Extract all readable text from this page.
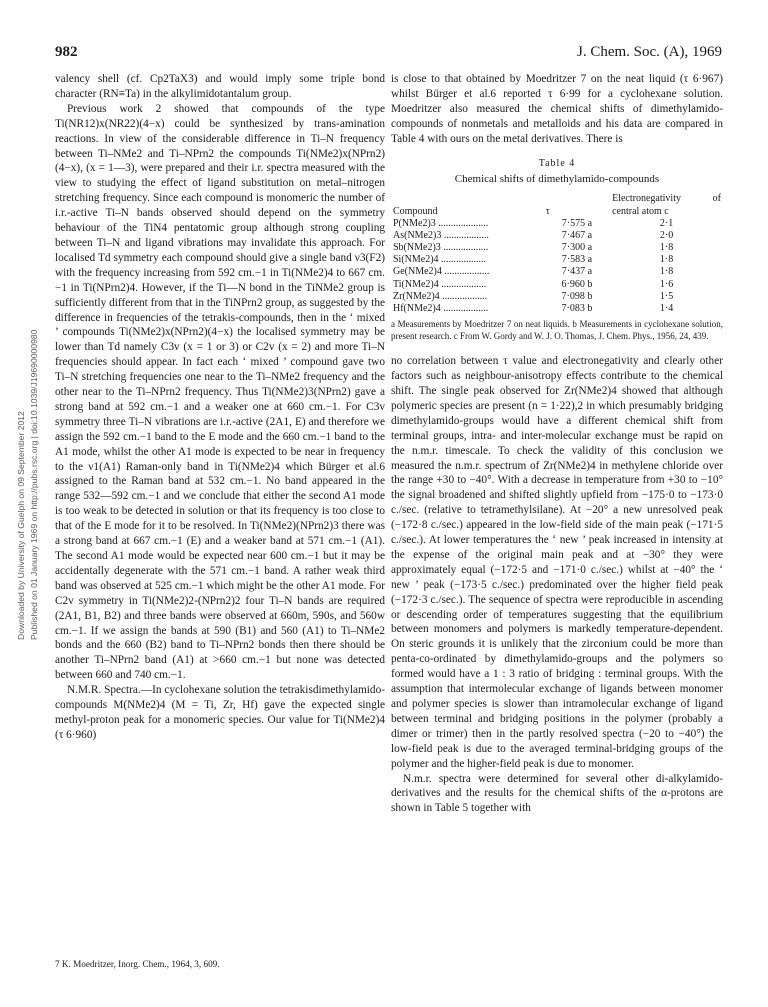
982	J. Chem. Soc. (A), 1969
Downloaded by University of Guelph on 09 September 2012 Published on 01 January 1969 on http://pubs.rsc.org | doi:10.1039/J19690000980

valency shell (cf. Cp2TaX3) and would imply some triple bond character (RN≡Ta) in the alkylimidotantalum group.

Previous work 2 showed that compounds of the type Ti(NR12)x(NR22)(4−x) could be synthesized by trans-amination reactions. In view of the considerable difference in Ti–N frequency between Ti–NMe2 and Ti–NPrn2 the compounds Ti(NMe2)x(NPrn2)(4−x), (x = 1—3), were prepared and their i.r. spectra measured with the view to studying the effect of ligand substitution on metal–nitrogen stretching frequency. Since each compound is monomeric the number of i.r.-active Ti–N bands observed should depend on the symmetry behaviour of the TiN4 pentatomic group although strong coupling between Ti–N and ligand vibrations may invalidate this approach. For localised Td symmetry each compound should give a single band ν3(F2) with the frequency increasing from 592 cm.−1 in Ti(NMe2)4 to 667 cm.−1 in Ti(NPrn2)4. However, if the Ti—N bond in the TiNMe2 group is sufficiently different from that in the TiNPrn2 group, as suggested by the difference in frequencies of the tetrakis-compounds, then in the ‘ mixed ’ compounds Ti(NMe2)x(NPrn2)(4−x) the localised symmetry may be lower than Td namely C3v (x = 1 or 3) or C2v (x = 2) and more Ti–N frequencies should appear. In fact each ‘ mixed ’ compound gave two Ti–N stretching frequencies one near to the Ti–NMe2 frequency and the other near to the Ti–NPrn2 frequency. Thus Ti(NMe2)3(NPrn2) gave a strong band at 592 cm.−1 and a weaker one at 660 cm.−1. For C3v symmetry three Ti–N vibrations are i.r.-active (2A1, E) and therefore we assign the 592 cm.−1 band to the E mode and the 660 cm.−1 band to the A1 mode, whilst the other A1 mode is expected to be near in frequency to the ν1(A1) Raman-only band in Ti(NMe2)4 which Bürger et al.6 assigned to the Raman band at 532 cm.−1. No band appeared in the range 532—592 cm.−1 and we conclude that either the second A1 mode is too weak to be detected in solution or that its frequency is too close to that of the E mode for it to be resolved. In Ti(NMe2)(NPrn2)3 there was a strong band at 667 cm.−1 (E) and a weaker band at 571 cm.−1 (A1). The second A1 mode would be expected near 600 cm.−1 but it may be accidentally degenerate with the 571 cm.−1 band. A rather weak third band was observed at 525 cm.−1 which might be the other A1 mode. For C2v symmetry in Ti(NMe2)2-(NPrn2)2 four Ti–N bands are required (2A1, B1, B2) and three bands were observed at 660m, 590s, and 560w cm.−1. If we assign the bands at 590 (B1) and 560 (A1) to Ti–NMe2 bonds and the 660 (B2) band to Ti–NPrn2 bonds then there should be another Ti–NPrn2 band (A1) at >660 cm.−1 but none was detected between 660 and 740 cm.−1.

N.M.R. Spectra.—In cyclohexane solution the tetrakisdimethylamido-compounds M(NMe2)4 (M = Ti, Zr, Hf) gave the expected single methyl-proton peak for a monomeric species. Our value for Ti(NMe2)4 (τ 6·960)

7 K. Moedritzer, Inorg. Chem., 1964, 3, 609.

is close to that obtained by Moedritzer 7 on the neat liquid (τ 6·967) whilst Bürger et al.6 reported τ 6·99 for a cyclohexane solution. Moedritzer also measured the chemical shifts of dimethylamido-compounds of nonmetals and metalloids and his data are compared in Table 4 with ours on the metal derivatives. There is

Table 4
Chemical shifts of dimethylamido-compounds
Compound	τ	Electronegativity of central atom c
P(NMe2)3 ....................	7·575 a	2·1
As(NMe2)3 ..................	7·467 a	2·0
Sb(NMe2)3 ..................	7·300 a	1·8
Si(NMe2)4 ..................	7·583 a	1·8
Ge(NMe2)4 ..................	7·437 a	1·8
Ti(NMe2)4 ..................	6·960 b	1·6
Zr(NMe2)4 ..................	7·098 b	1·5
Hf(NMe2)4 ..................	7·083 b	1·4
a Measurements by Moedritzer 7 on neat liquids. b Measurements in cyclohexane solution, present research. c From W. Gordy and W. J. O. Thomas, J. Chem. Phys., 1956, 24, 439.

no correlation between τ value and electronegativity and clearly other factors such as neighbour-anisotropy effects contribute to the chemical shift. The single peak observed for Zr(NMe2)4 showed that although polymeric species are present (n = 1·22),2 in which presumably bridging dimethylamido-groups would have a different chemical shift from terminal groups, intra- and inter-molecular exchange must be rapid on the n.m.r. timescale. To check the validity of this conclusion we measured the n.m.r. spectrum of Zr(NMe2)4 in methylene chloride over the range +30 to −40°. With a decrease in temperature from +30 to −10° the signal broadened and shifted slightly upfield from −175·0 to −173·0 c./sec. (relative to tetramethylsilane). At −20° a new unresolved peak (−172·8 c./sec.) appeared in the low-field side of the main peak (−171·5 c./sec.). At lower temperatures the ‘ new ’ peak increased in intensity at the expense of the original main peak and at −30° they were approximately equal (−172·5 and −171·0 c./sec.) whilst at −40° the ‘ new ’ peak (−173·5 c./sec.) predominated over the higher field peak (−172·3 c./sec.). The sequence of spectra were reproducible in ascending or descending order of temperatures suggesting that the equilibrium between monomers and polymers is markedly temperature-dependent. On steric grounds it is unlikely that the zirconium could be more than penta-co-ordinated by dimethylamido-groups and the polymers so formed would have a 1 : 3 ratio of bridging : terminal groups. With the assumption that intermolecular exchange of ligands between monomer and polymer species is slower than intramolecular exchange of ligand between terminal and bridging positions in the polymer (probably a dimer or trimer) then in the partly resolved spectra (−20 to −40°) the low-field peak is due to the averaged terminal-bridging groups of the polymer and the higher-field peak is due to monomer.

N.m.r. spectra were determined for several other di-alkylamido-derivatives and the results for the chemical shifts of the α-protons are shown in Table 5 together with
